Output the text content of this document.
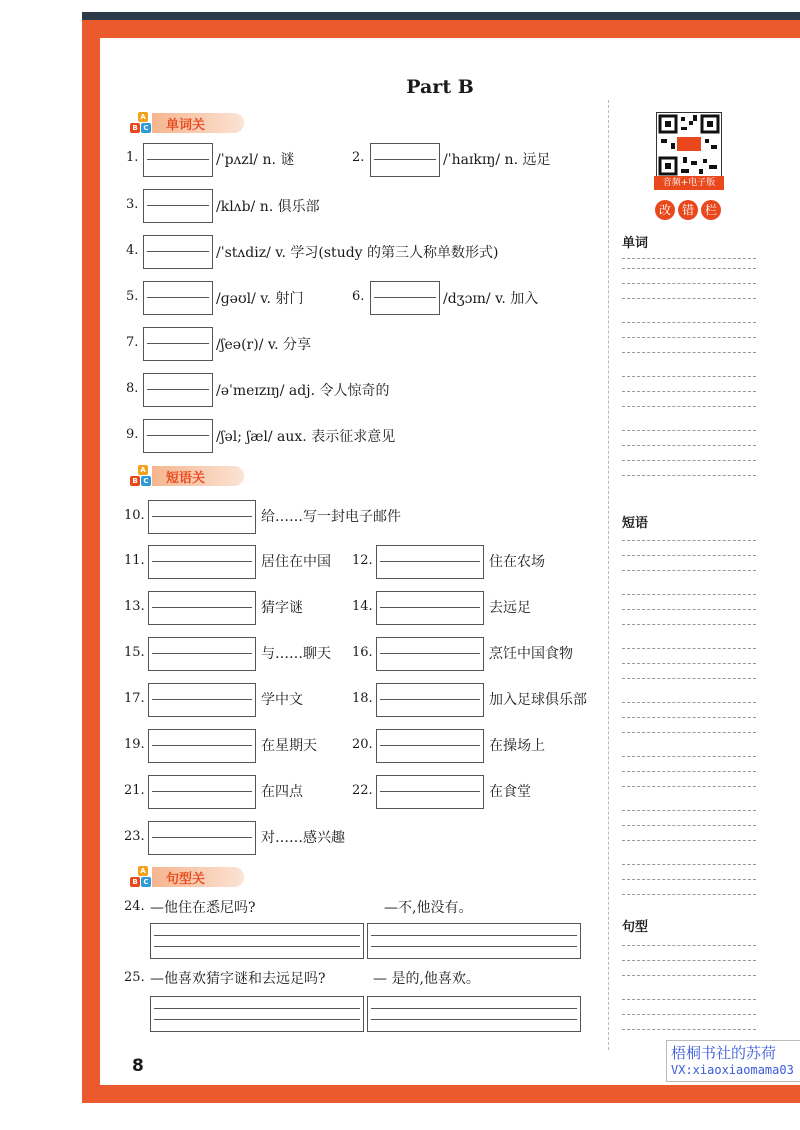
Part B
A
B C 单词关
A
B C 短语关
A
B C 句型关
1.	/ˈpʌzl/ n. 谜	2.	/ˈhaɪkɪŋ/ n. 远足
3.	/klʌb/ n. 俱乐部
4.	/ˈstʌdiz/ v. 学习(study 的第三人称单数形式)
5.	/ɡəʊl/ v. 射门	6.	/dʒɔɪn/ v. 加入
7.	/ʃeə(r)/ v. 分享
8.	/əˈmeɪzɪŋ/ adj. 令人惊奇的
9.	/ʃəl; ʃæl/ aux. 表示征求意见
10.	给……写一封电子邮件
11.	居住在中国 12.	住在农场
13.	猜字谜	14.	去远足
15.	与……聊天 16.	烹饪中国食物
17.	学中文	18.	加入足球俱乐部
19.	在星期天	20.	在操场上
21.	在四点	22.	在食堂
23.	对……感兴趣
24. —他住在悉尼吗?	—不,他没有。
25. —他喜欢猜字谜和去远足吗?	— 是的,他喜欢。
8
音频+电子版
改 错 栏
单词
短语
句型
梧桐书社的苏荷
VX:xiaoxiaomama03
